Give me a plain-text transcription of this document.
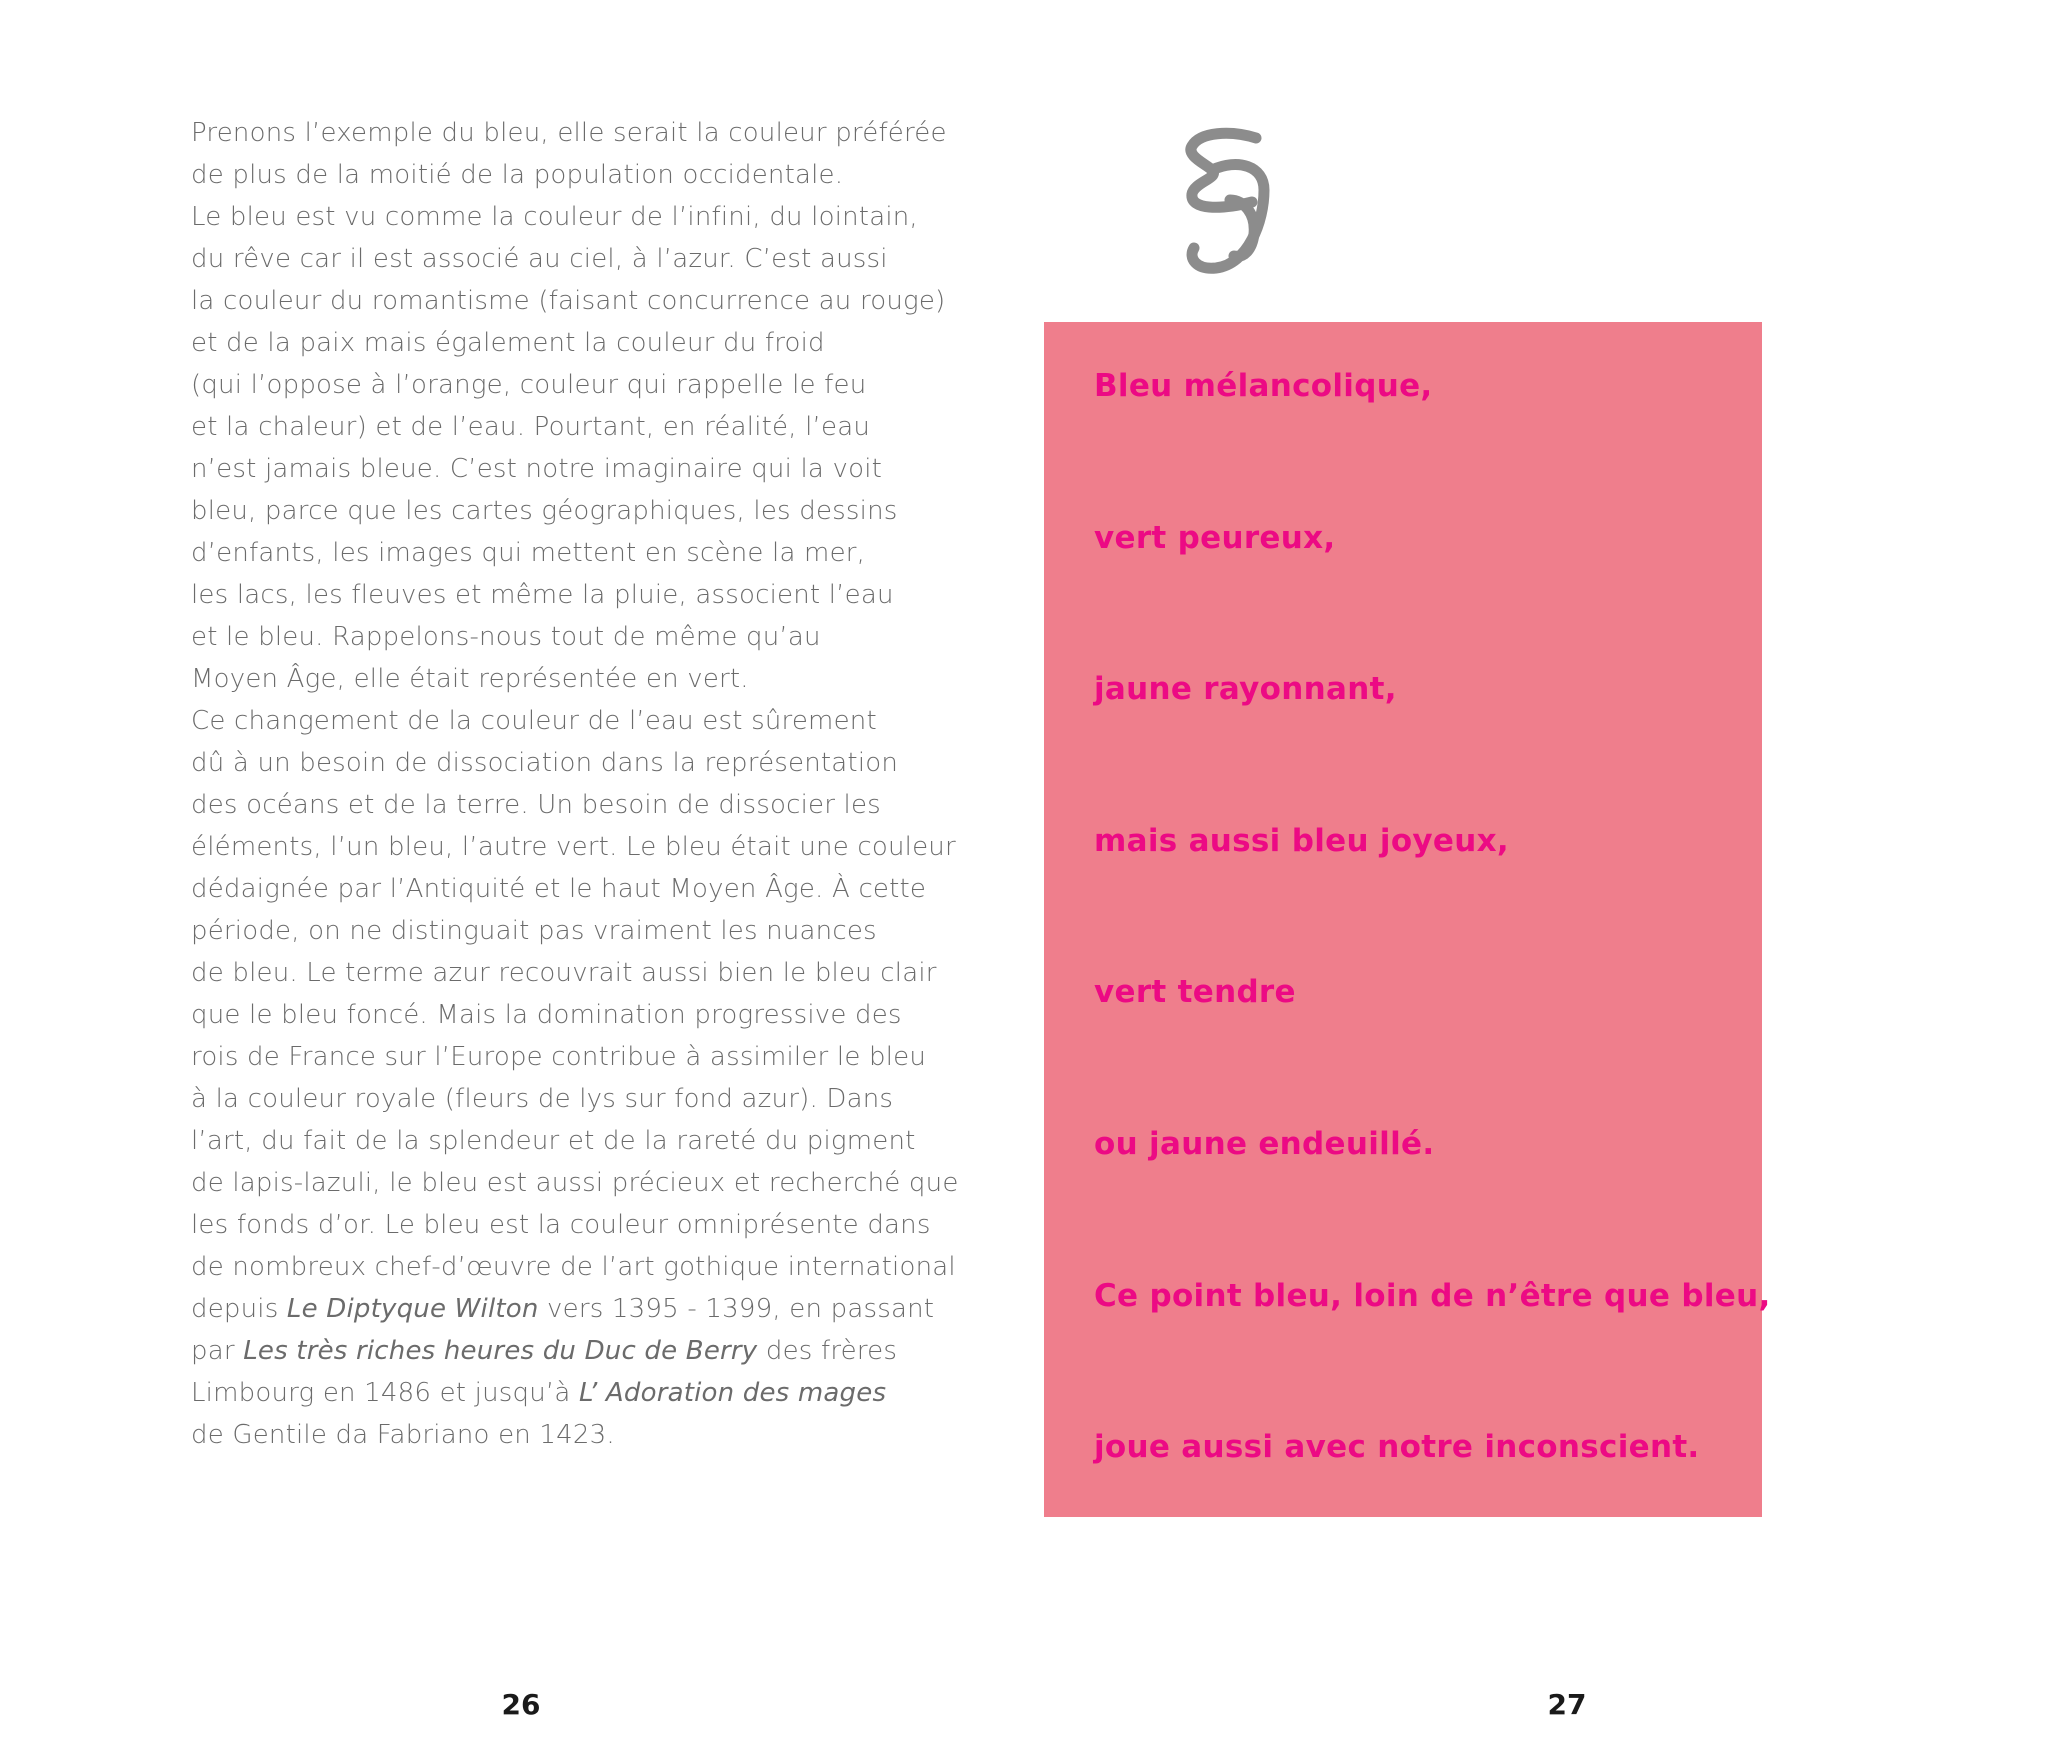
Prenons l’exemple du bleu, elle serait la couleur préférée
de plus de la moitié de la population occidentale.
Le bleu est vu comme la couleur de l’infini, du lointain,
du rêve car il est associé au ciel, à l’azur. C’est aussi
la couleur du romantisme (faisant concurrence au rouge)
et de la paix mais également la couleur du froid
(qui l’oppose à l’orange, couleur qui rappelle le feu
et la chaleur) et de l’eau. Pourtant, en réalité, l’eau
n’est jamais bleue. C’est notre imaginaire qui la voit
bleu, parce que les cartes géographiques, les dessins
d’enfants, les images qui mettent en scène la mer,
les lacs, les fleuves et même la pluie, associent l’eau
et le bleu. Rappelons-nous tout de même qu’au
Moyen Âge, elle était représentée en vert.
Ce changement de la couleur de l’eau est sûrement
dû à un besoin de dissociation dans la représentation
des océans et de la terre. Un besoin de dissocier les
éléments, l’un bleu, l’autre vert. Le bleu était une couleur
dédaignée par l’Antiquité et le haut Moyen Âge. À cette
période, on ne distinguait pas vraiment les nuances
de bleu. Le terme azur recouvrait aussi bien le bleu clair
que le bleu foncé. Mais la domination progressive des
rois de France sur l’Europe contribue à assimiler le bleu
à la couleur royale (fleurs de lys sur fond azur). Dans
l’art, du fait de la splendeur et de la rareté du pigment
de lapis-lazuli, le bleu est aussi précieux et recherché que
les fonds d’or. Le bleu est la couleur omniprésente dans
de nombreux chef-d’œuvre de l’art gothique international
depuis Le Diptyque Wilton vers 1395 - 1399, en passant
par Les très riches heures du Duc de Berry des frères
Limbourg en 1486 et jusqu’à L’ Adoration des mages
de Gentile da Fabriano en 1423.
26
Bleu mélancolique,
vert peureux,
jaune rayonnant,
mais aussi bleu joyeux,
vert tendre
ou jaune endeuillé.
Ce point bleu, loin de n’être que bleu,
joue aussi avec notre inconscient.
27
